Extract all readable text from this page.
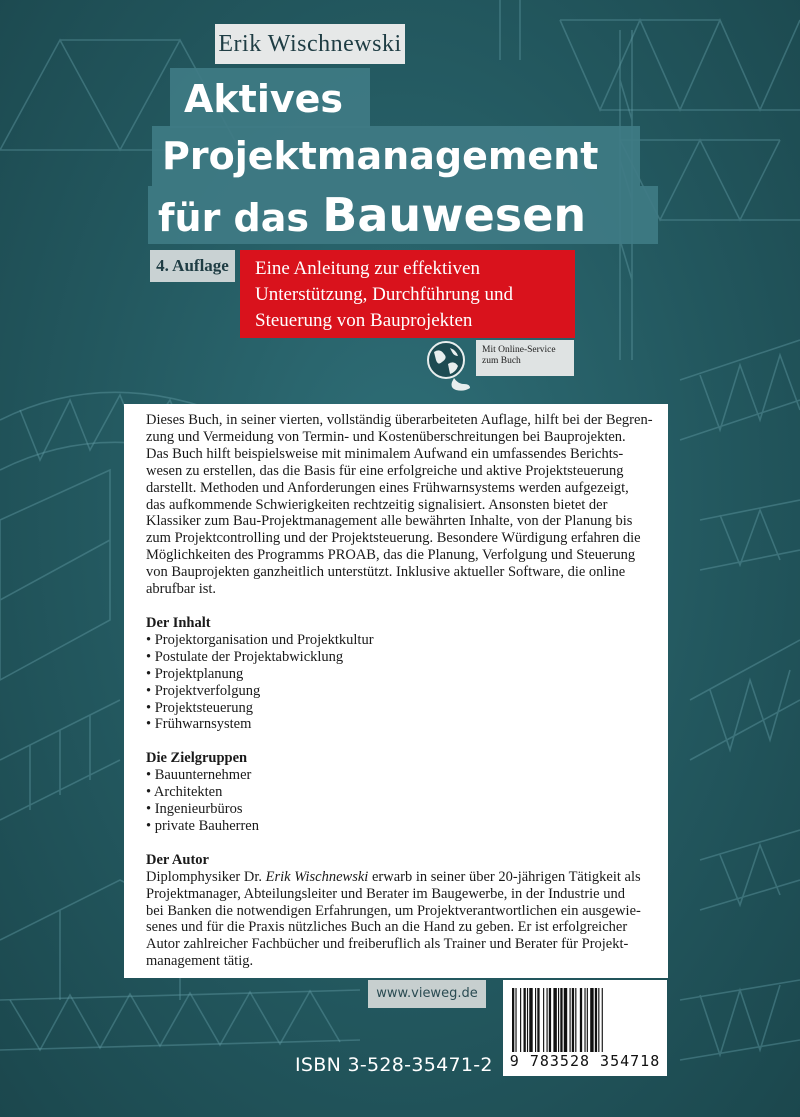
Erik Wischnewski
Aktives
Projektmanagement
für das Bauwesen
4. Auflage	Eine Anleitung zur effektiven
Unterstützung, Durchführung und
Steuerung von Bauprojekten
Mit Online-Service
zum Buch
Dieses Buch, in seiner vierten, vollständig überarbeiteten Auflage, hilft bei der Begren-
zung und Vermeidung von Termin- und Kostenüberschreitungen bei Bauprojekten.
Das Buch hilft beispielsweise mit minimalem Aufwand ein umfassendes Berichts-
wesen zu erstellen, das die Basis für eine erfolgreiche und aktive Projektsteuerung
darstellt. Methoden und Anforderungen eines Frühwarnsystems werden aufgezeigt,
das aufkommende Schwierigkeiten rechtzeitig signalisiert. Ansonsten bietet der
Klassiker zum Bau-Projektmanagement alle bewährten Inhalte, von der Planung bis
zum Projektcontrolling und der Projektsteuerung. Besondere Würdigung erfahren die
Möglichkeiten des Programms PROAB, das die Planung, Verfolgung und Steuerung
von Bauprojekten ganzheitlich unterstützt. Inklusive aktueller Software, die online
abrufbar ist.
Der Inhalt
• Projektorganisation und Projektkultur
• Postulate der Projektabwicklung
• Projektplanung
• Projektverfolgung
• Projektsteuerung
• Frühwarnsystem
Die Zielgruppen
• Bauunternehmer
• Architekten
• Ingenieurbüros
• private Bauherren
Der Autor
Diplomphysiker Dr. Erik Wischnewski erwarb in seiner über 20-jährigen Tätigkeit als
Projektmanager, Abteilungsleiter und Berater im Baugewerbe, in der Industrie und
bei Banken die notwendigen Erfahrungen, um Projektverantwortlichen ein ausgewie-
senes und für die Praxis nützliches Buch an die Hand zu geben. Er ist erfolgreicher
Autor zahlreicher Fachbücher und freiberuflich als Trainer und Berater für Projekt-
management tätig.
www.vieweg.de
9 783528 354718
ISBN 3-528-35471-2
